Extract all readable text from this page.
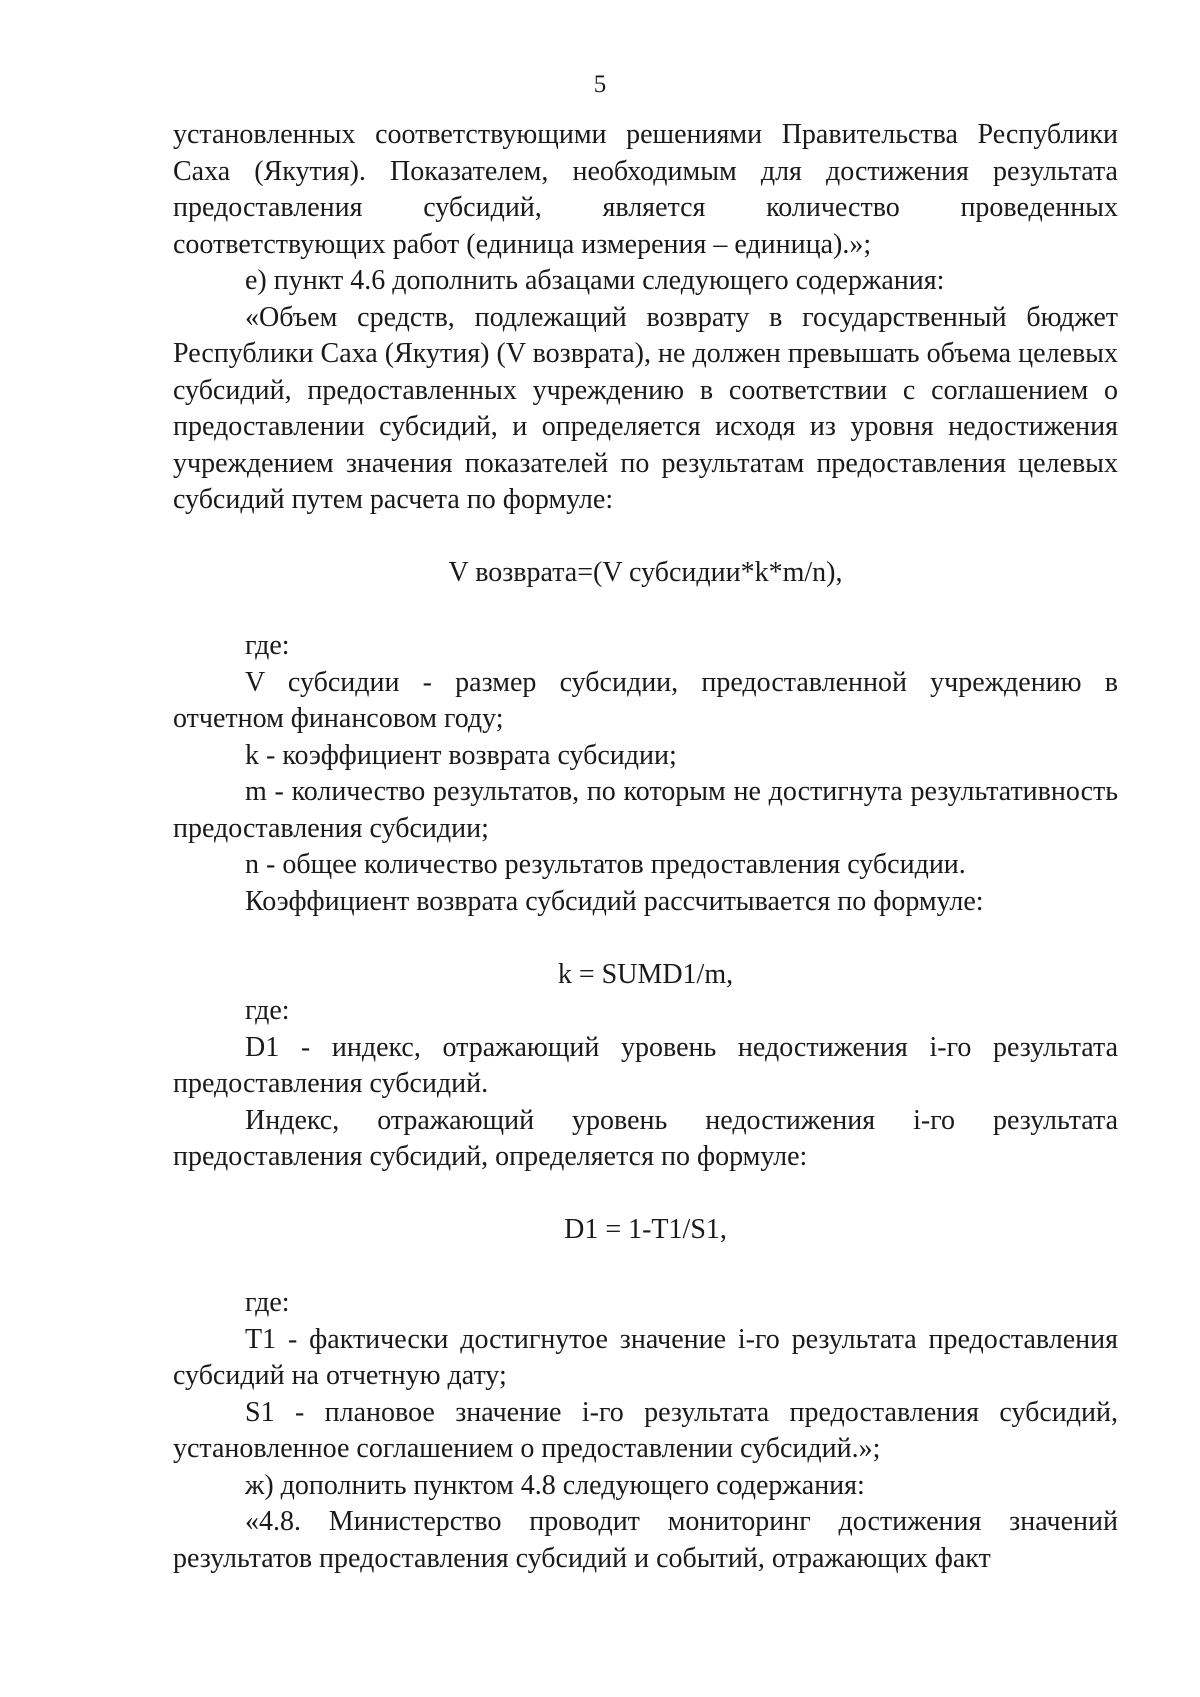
5

установленных соответствующими решениями Правительства Республики Саха (Якутия). Показателем, необходимым для достижения результата предоставления субсидий, является количество проведенных соответствующих работ (единица измерения – единица).»;

е) пункт 4.6 дополнить абзацами следующего содержания:

«Объем средств, подлежащий возврату в государственный бюджет Республики Саха (Якутия) (V возврата), не должен превышать объема целевых субсидий, предоставленных учреждению в соответствии с соглашением о предоставлении субсидий, и определяется исходя из уровня недостижения учреждением значения показателей по результатам предоставления целевых субсидий путем расчета по формуле:

V возврата=(V субсидии*k*m/n),

где:

V субсидии - размер субсидии, предоставленной учреждению в отчетном финансовом году;

k - коэффициент возврата субсидии;

m - количество результатов, по которым не достигнута результативность предоставления субсидии;

n - общее количество результатов предоставления субсидии.

Коэффициент возврата субсидий рассчитывается по формуле:

k = SUMD1/m,

где:

D1 - индекс, отражающий уровень недостижения i-го результата предоставления субсидий.

Индекс, отражающий уровень недостижения i-го результата предоставления субсидий, определяется по формуле:

D1 = 1-T1/S1,

где:

T1 - фактически достигнутое значение i-го результата предоставления субсидий на отчетную дату;

S1 - плановое значение i-го результата предоставления субсидий, установленное соглашением о предоставлении субсидий.»;

ж) дополнить пунктом 4.8 следующего содержания:

«4.8. Министерство проводит мониторинг достижения значений результатов предоставления субсидий и событий, отражающих факт
